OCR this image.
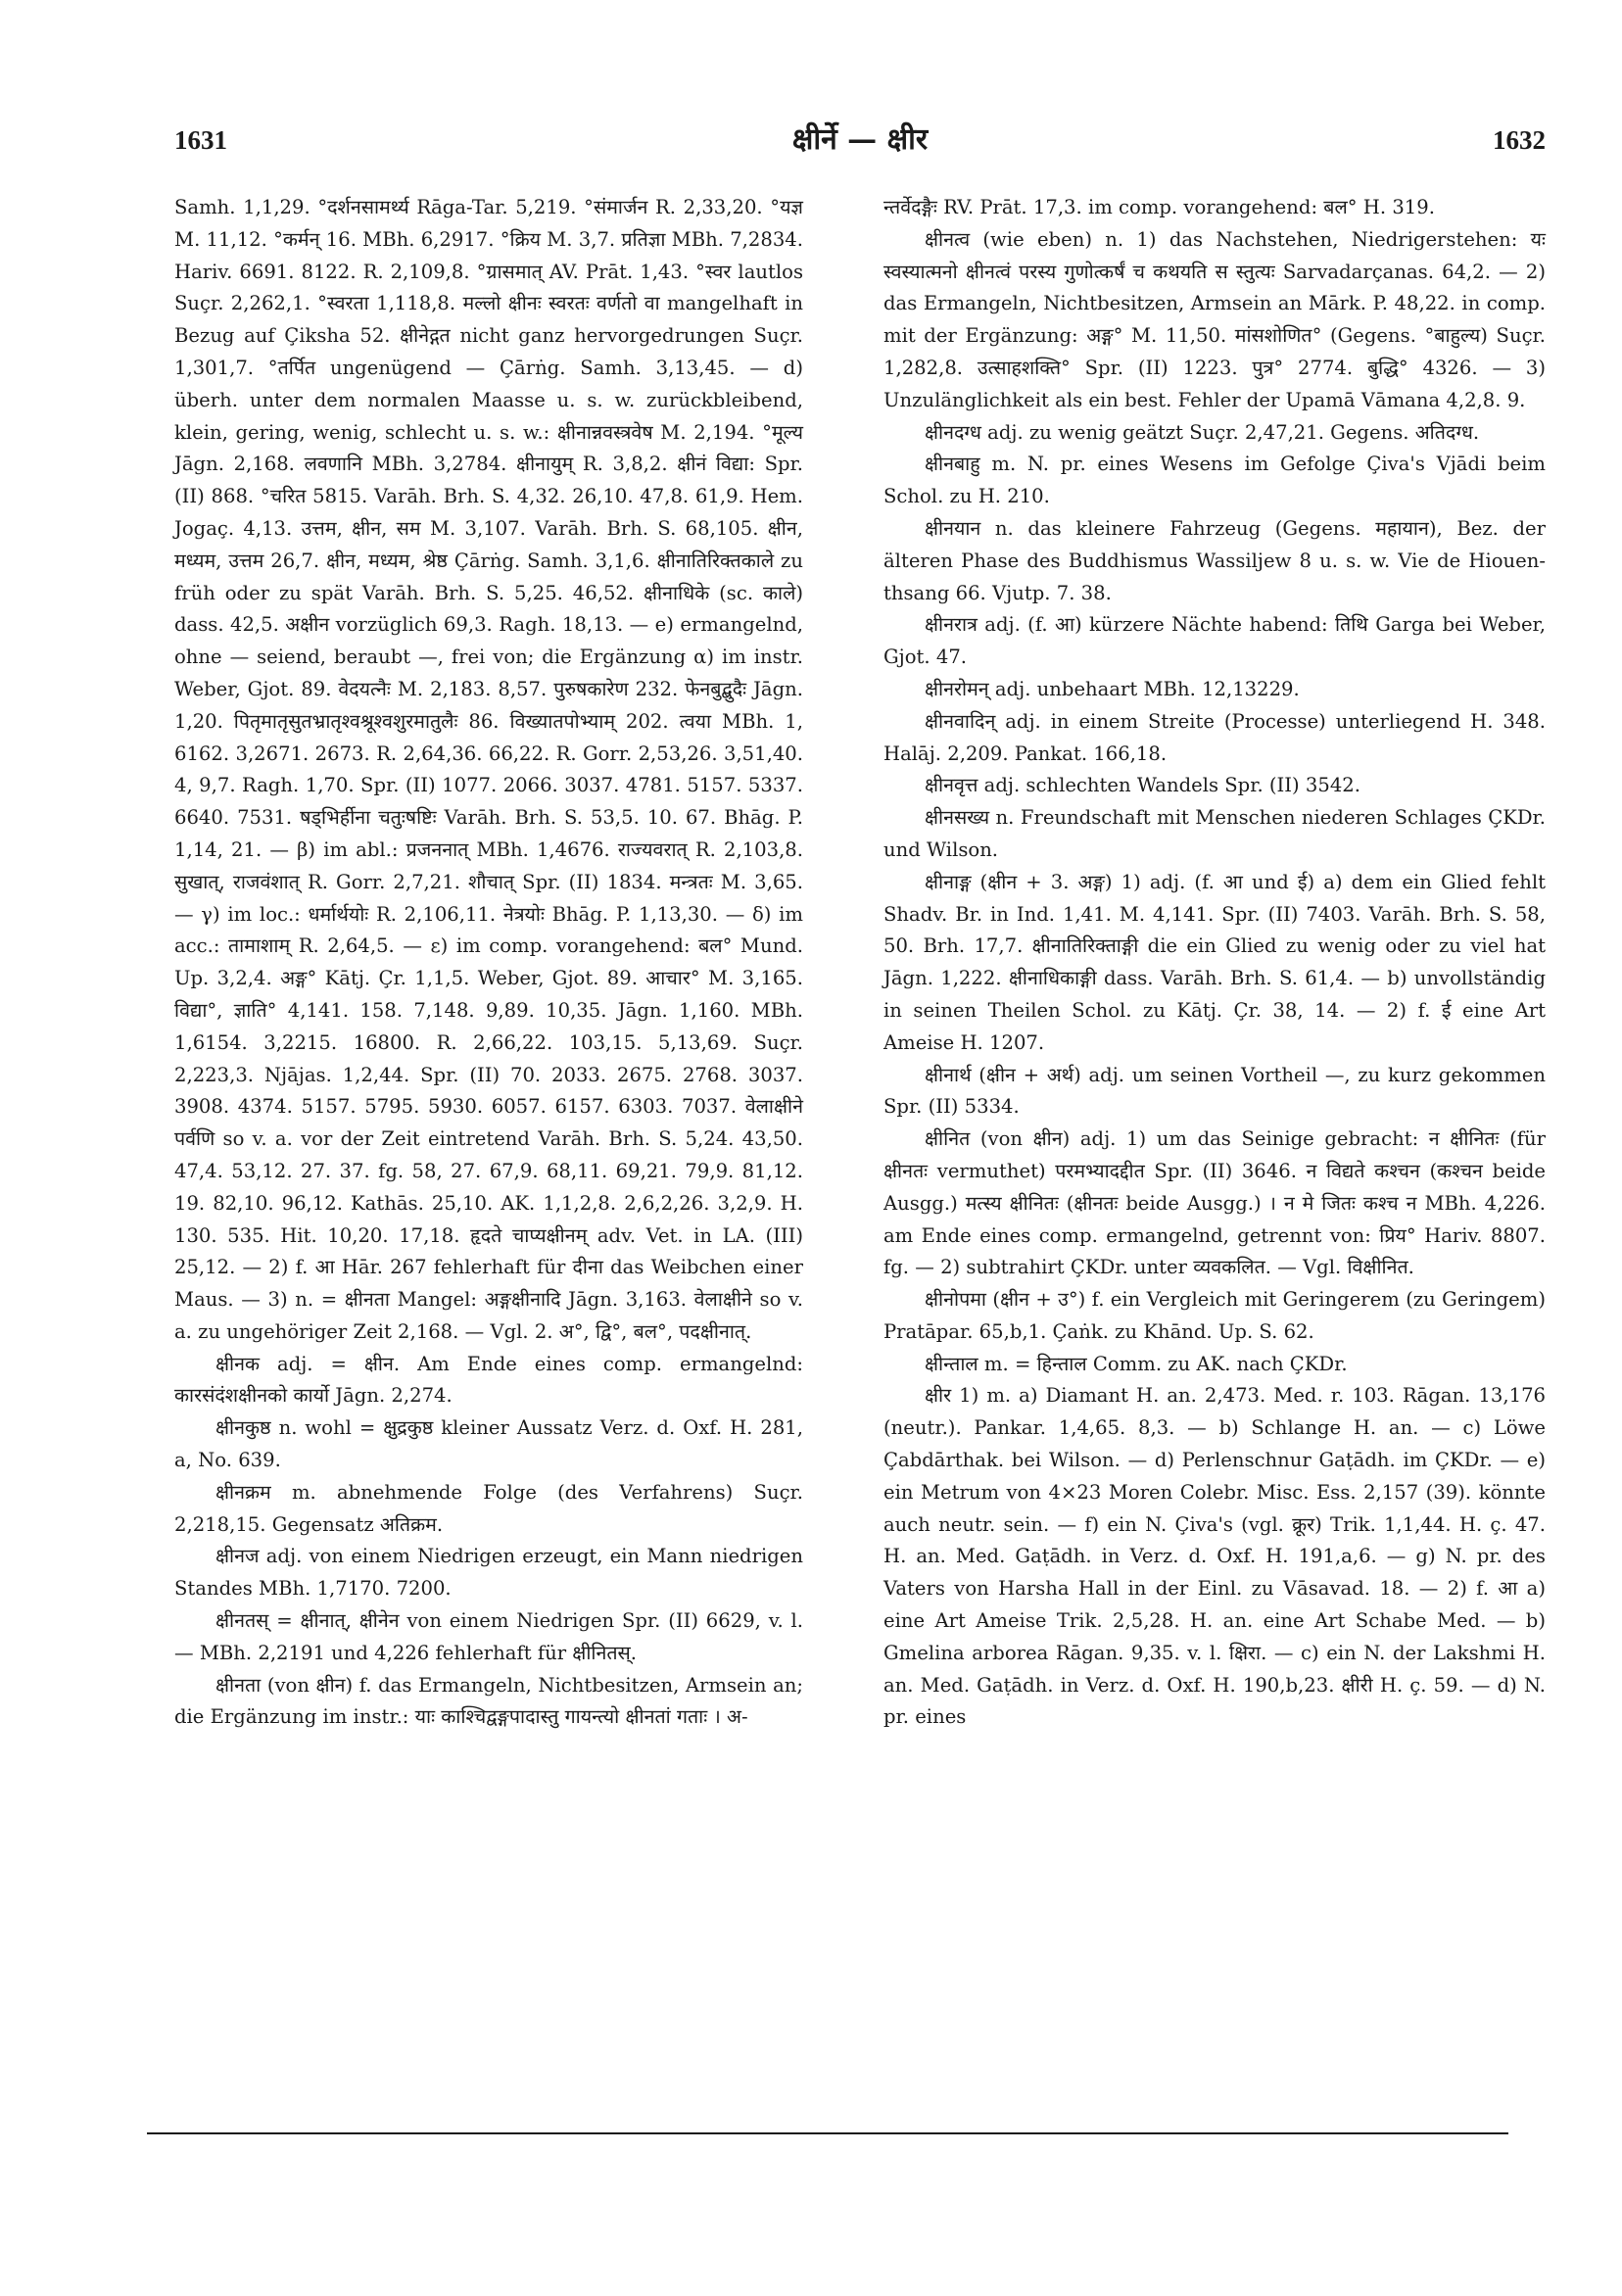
1631	क्षीर्ने — क्षीर	1632

Samh. 1,1,29. °दर्शनसामर्थ्य Rāga-Tar. 5,219. °संमार्जन R. 2,33,20. °यज्ञ M. 11,12. °कर्मन् 16. MBh. 6,2917. °क्रिय M. 3,7. प्रतिज्ञा MBh. 7,2834. Hariv. 6691. 8122. R. 2,109,8. °ग्रासमात् AV. Prāt. 1,43. °स्वर lautlos Suçr. 2,262,1. °स्वरता 1,118,8. मल्लो क्षीनः स्वरतः वर्णतो वा mangelhaft in Bezug auf Çiksha 52. क्षीनेद्गत nicht ganz hervorgedrungen Suçr. 1,301,7. °तर्पित ungenügend — Çārṅg. Samh. 3,13,45. — d) überh. unter dem normalen Maasse u. s. w. zurückbleibend, klein, gering, wenig, schlecht u. s. w.: क्षीनान्नवस्त्रवेष M. 2,194. °मूल्य Jāgn. 2,168. लवणानि MBh. 3,2784. क्षीनायुम् R. 3,8,2. क्षीनं विद्या: Spr. (II) 868. °चरित 5815. Varāh. Brh. S. 4,32. 26,10. 47,8. 61,9. Hem. Jogaç. 4,13. उत्तम, क्षीन, सम M. 3,107. Varāh. Brh. S. 68,105. क्षीन, मध्यम, उत्तम 26,7. क्षीन, मध्यम, श्रेष्ठ Çārṅg. Samh. 3,1,6. क्षीनातिरिक्तकाले zu früh oder zu spät Varāh. Brh. S. 5,25. 46,52. क्षीनाधिके (sc. काले) dass. 42,5. अक्षीन vorzüglich 69,3. Ragh. 18,13. — e) ermangelnd, ohne — seiend, beraubt —, frei von; die Ergänzung α) im instr. Weber, Gjot. 89. वेदयत्नैः M. 2,183. 8,57. पुरुषकारेण 232. फेनबुद्बुदैः Jāgn. 1,20. पितृमातृसुतभ्रातृश्वश्रूश्वशुरमातुलैः 86. विख्यातपोभ्याम् 202. त्वया MBh. 1, 6162. 3,2671. 2673. R. 2,64,36. 66,22. R. Gorr. 2,53,26. 3,51,40. 4, 9,7. Ragh. 1,70. Spr. (II) 1077. 2066. 3037. 4781. 5157. 5337. 6640. 7531. षड्भिर्हीना चतुःषष्टिः Varāh. Brh. S. 53,5. 10. 67. Bhāg. P. 1,14, 21. — β) im abl.: प्रजननात् MBh. 1,4676. राज्यवरात् R. 2,103,8. सुखात्, राजवंशात् R. Gorr. 2,7,21. शौचात् Spr. (II) 1834. मन्त्रतः M. 3,65. — γ) im loc.: धर्मार्थयोः R. 2,106,11. नेत्रयोः Bhāg. P. 1,13,30. — δ) im acc.: तामाशाम् R. 2,64,5. — ε) im comp. vorangehend: बल° Mund. Up. 3,2,4. अङ्ग° Kātj. Çr. 1,1,5. Weber, Gjot. 89. आचार° M. 3,165. विद्या°, ज्ञाति° 4,141. 158. 7,148. 9,89. 10,35. Jāgn. 1,160. MBh. 1,6154. 3,2215. 16800. R. 2,66,22. 103,15. 5,13,69. Suçr. 2,223,3. Njājas. 1,2,44. Spr. (II) 70. 2033. 2675. 2768. 3037. 3908. 4374. 5157. 5795. 5930. 6057. 6157. 6303. 7037. वेलाक्षीने पर्वणि so v. a. vor der Zeit eintretend Varāh. Brh. S. 5,24. 43,50. 47,4. 53,12. 27. 37. fg. 58, 27. 67,9. 68,11. 69,21. 79,9. 81,12. 19. 82,10. 96,12. Kathās. 25,10. AK. 1,1,2,8. 2,6,2,26. 3,2,9. H. 130. 535. Hit. 10,20. 17,18. हृदते चाप्यक्षीनम् adv. Vet. in LA. (III) 25,12. — 2) f. आ Hār. 267 fehlerhaft für दीना das Weibchen einer Maus. — 3) n. = क्षीनता Mangel: अङ्गक्षीनादि Jāgn. 3,163. वेलाक्षीने so v. a. zu ungehöriger Zeit 2,168. — Vgl. 2. अ°, द्वि°, बल°, पदक्षीनात्.

क्षीनक adj. = क्षीन. Am Ende eines comp. ermangelnd: कारसंदंशक्षीनको कार्यो Jāgn. 2,274.

क्षीनकुष्ठ n. wohl = क्षुद्रकुष्ठ kleiner Aussatz Verz. d. Oxf. H. 281, a, No. 639.

क्षीनक्रम m. abnehmende Folge (des Verfahrens) Suçr. 2,218,15. Gegensatz अतिक्रम.

क्षीनज adj. von einem Niedrigen erzeugt, ein Mann niedrigen Standes MBh. 1,7170. 7200.

क्षीनतस् = क्षीनात्, क्षीनेन von einem Niedrigen Spr. (II) 6629, v. l. — MBh. 2,2191 und 4,226 fehlerhaft für क्षीनितस्.

क्षीनता (von क्षीन) f. das Ermangeln, Nichtbesitzen, Armsein an; die Ergänzung im instr.: याः काश्चिद्वङ्गपादास्तु गायन्त्यो क्षीनतां गताः । अ-

न्तर्वेदङ्गैः RV. Prāt. 17,3. im comp. vorangehend: बल° H. 319.

क्षीनत्व (wie eben) n. 1) das Nachstehen, Niedrigerstehen: यः स्वस्यात्मनो क्षीनत्वं परस्य गुणोत्कर्षं च कथयति स स्तुत्यः Sarvadarçanas. 64,2. — 2) das Ermangeln, Nichtbesitzen, Armsein an Mārk. P. 48,22. in comp. mit der Ergänzung: अङ्ग° M. 11,50. मांसशोणित° (Gegens. °बाहुल्य) Suçr. 1,282,8. उत्साहशक्ति° Spr. (II) 1223. पुत्र° 2774. बुद्धि° 4326. — 3) Unzulänglichkeit als ein best. Fehler der Upamā Vāmana 4,2,8. 9.

क्षीनदग्ध adj. zu wenig geätzt Suçr. 2,47,21. Gegens. अतिदग्ध.

क्षीनबाहु m. N. pr. eines Wesens im Gefolge Çiva's Vjādi beim Schol. zu H. 210.

क्षीनयान n. das kleinere Fahrzeug (Gegens. महायान), Bez. der älteren Phase des Buddhismus Wassiljew 8 u. s. w. Vie de Hiouen-thsang 66. Vjutp. 7. 38.

क्षीनरात्र adj. (f. आ) kürzere Nächte habend: तिथि Garga bei Weber, Gjot. 47.

क्षीनरोमन् adj. unbehaart MBh. 12,13229.

क्षीनवादिन् adj. in einem Streite (Processe) unterliegend H. 348. Halāj. 2,209. Pankat. 166,18.

क्षीनवृत्त adj. schlechten Wandels Spr. (II) 3542.

क्षीनसख्य n. Freundschaft mit Menschen niederen Schlages ÇKDr. und Wilson.

क्षीनाङ्ग (क्षीन + 3. अङ्ग) 1) adj. (f. आ und ई) a) dem ein Glied fehlt Shadv. Br. in Ind. 1,41. M. 4,141. Spr. (II) 7403. Varāh. Brh. S. 58, 50. Brh. 17,7. क्षीनातिरिक्ताङ्गी die ein Glied zu wenig oder zu viel hat Jāgn. 1,222. क्षीनाधिकाङ्गी dass. Varāh. Brh. S. 61,4. — b) unvollständig in seinen Theilen Schol. zu Kātj. Çr. 38, 14. — 2) f. ई eine Art Ameise H. 1207.

क्षीनार्थ (क्षीन + अर्थ) adj. um seinen Vortheil —, zu kurz gekommen Spr. (II) 5334.

क्षीनित (von क्षीन) adj. 1) um das Seinige gebracht: न क्षीनितः (für क्षीनतः vermuthet) परमभ्यादद्दीत Spr. (II) 3646. न विद्यते कश्चन (कश्चन beide Ausgg.) मत्स्य क्षीनितः (क्षीनतः beide Ausgg.) । न मे जितः कश्च न MBh. 4,226. am Ende eines comp. ermangelnd, getrennt von: प्रिय° Hariv. 8807. fg. — 2) subtrahirt ÇKDr. unter व्यवकलित. — Vgl. विक्षीनित.

क्षीनोपमा (क्षीन + उ°) f. ein Vergleich mit Geringerem (zu Geringem) Pratāpar. 65,b,1. Çaṅk. zu Khānd. Up. S. 62.

क्षीन्ताल m. = हिन्ताल Comm. zu AK. nach ÇKDr.

क्षीर 1) m. a) Diamant H. an. 2,473. Med. r. 103. Rāgan. 13,176 (neutr.). Pankar. 1,4,65. 8,3. — b) Schlange H. an. — c) Löwe Çabdārthak. bei Wilson. — d) Perlenschnur Gaṭādh. im ÇKDr. — e) ein Metrum von 4×23 Moren Colebr. Misc. Ess. 2,157 (39). könnte auch neutr. sein. — f) ein N. Çiva's (vgl. क्रूर) Trik. 1,1,44. H. ç. 47. H. an. Med. Gaṭādh. in Verz. d. Oxf. H. 191,a,6. — g) N. pr. des Vaters von Harsha Hall in der Einl. zu Vāsavad. 18. — 2) f. आ a) eine Art Ameise Trik. 2,5,28. H. an. eine Art Schabe Med. — b) Gmelina arborea Rāgan. 9,35. v. l. क्षिरा. — c) ein N. der Lakshmi H. an. Med. Gaṭādh. in Verz. d. Oxf. H. 190,b,23. क्षीरी H. ç. 59. — d) N. pr. eines
